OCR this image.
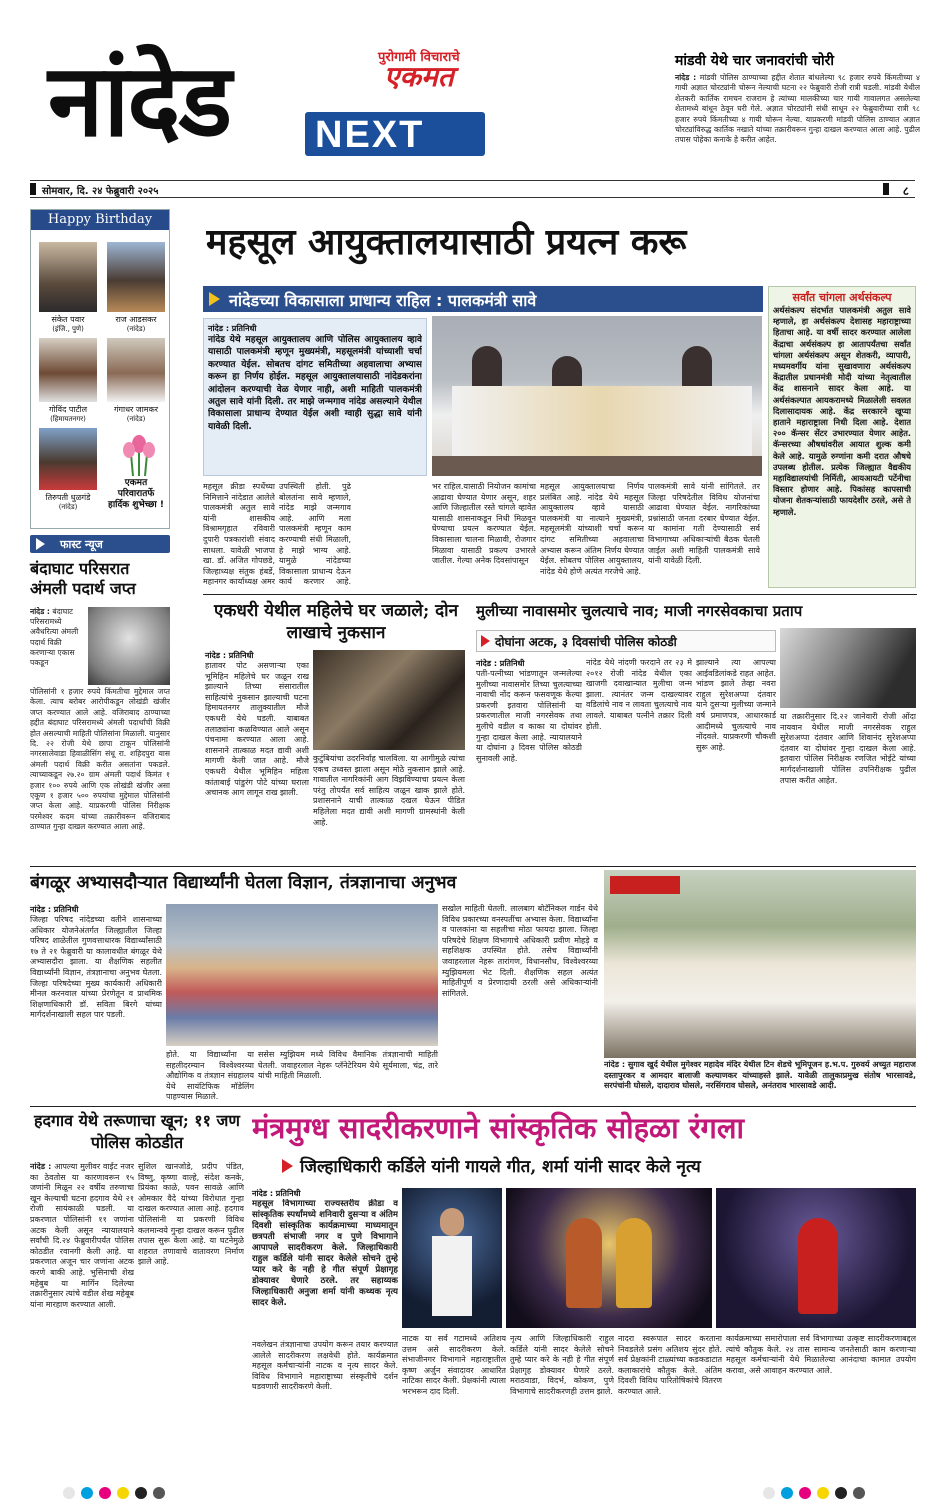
नांदेड	पुरोगामी विचाराचे
एकमत
NEXT
मांडवी येथे चार जनावरांची चोरी
नांदेड : मांडवी पोलिस ठाण्याच्या हद्दीत शेतात बांधलेल्या ९८ हजार रुपये किंमतीच्या ४ गायी अज्ञात चोरट्यांनी चोरून नेल्याची घटना २२ फेब्रुवारी रोजी रात्री घडली. मांडवी येथील शेतकरी कार्तिक रामचन राजराम हे त्यांच्या मालकीच्या चार गायी गावालगत असलेल्या शेतामध्ये बांधून ठेवून घरी गेले. अज्ञात चोरट्यांनी संधी साधून २२ फेब्रुवारीच्या रात्री ९८ हजार रुपये किंमतीच्या ४ गायी चोरून नेल्या. याप्रकरणी मांडवी पोलिस ठाण्यात अज्ञात चोरट्यांविरुद्ध कार्तिक नखाते यांच्या तक्रारीवरून गुन्हा दाखल करण्यात आला आहे. पुढील तपास पोहेका कनाके हे करीत आहेत.
सोमवार, दि. २४ फेब्रुवारी २०२५	८
Happy Birthday
संकेत पवार
(इंजि., पुणे)
राज आडसकर
(नांदेड)
गोविंद पाटील
(हिमायतनगर)
गंगाधर जामकर
(नांदेड)
तिरुपती धुळगंडे
(नांदेड)
एकमत
परिवारातर्फे
हार्दिक शुभेच्छा !
फास्ट न्यूज
बंदाघाट परिसरात अंमली पदार्थ जप्त
नांदेड : बंदाघाट परिसरामध्ये अवैधरित्या अंमली पदार्थ विक्री करणाऱ्या एकास पकडून
पोलिसांनी १ हजार रुपये किंमतीचा मुद्देमाल जप्त केला. त्याच बरोबर आरोपीकडून लोखंडी खंजीर जप्त करण्यात आले आहे. वजिराबाद ठाण्याच्या हद्दीत बंदाघाट परिसरामध्ये अंमली पदार्थांची विक्री होत असल्याची माहिती पोलिसांना मिळाली. यानुसार दि. २२ रोजी येथे छापा टाकून पोलिसांनी नगरसालेवाडा हिवाळीसिंग संधू रा. शहिदपुरा यास अंमली पदार्थ विक्री करीत असतांना पकडले. त्याच्याकडून २७.२० ग्राम अंमली पदार्थ किमंत १ हजार १०० रुपये आणि एक लोखंडी खंजीर असा एकूण १ हजार ५०० रुपयांचा मुद्देमाल पोलिसांनी जप्त केला आहे. याप्रकरणी पोलिस निरीक्षक परमेश्वर कदम यांच्या तक्रारीवरून वजिराबाद ठाण्यात गुन्हा दाखल करण्यात आला आहे.
महसूल आयुक्तालयासाठी प्रयत्न करू
नांदेडच्या विकासाला प्राधान्य राहिल : पालकमंत्री सावे
नांदेड : प्रतिनिधी
नांदेड येथे महसूल आयुक्तालय आणि पोलिस आयुक्तालय व्हावे यासाठी पालकमंत्री म्हणून मुख्यमंत्री, महसूलमंत्री यांच्याशी चर्चा करण्यात येईल. सोबतच दांगट समितीच्या अहवालाचा अभ्यास करून हा निर्णय होईल. महसूल आयुक्तालयासाठी नांदेडकरांना आंदोलन करण्याची वेळ येणार नाही, अशी माहिती पालकमंत्री अतुल सावे यांनी दिली. तर माझे जन्मगाव नांदेड असल्याने येथील विकासाला प्राधान्य देण्यात येईल अशी ग्वाही सुद्धा सावे यांनी यावेळी दिली.
महसूल क्रीडा स्पर्धेच्या निमित्ताने नांदेडात आलेले पालकमंत्री अतुल सावे यांनी शासकीय विश्रामगृहात रविवारी दुपारी पत्रकारांशी संवाद साधला. यावेळी भाजपा खा. डॉ. अजित गोपछडे, जिल्हाध्यक्ष संतुक हंबर्डे, महानगर कार्याध्यक्ष अमर
उपस्थिती होती. पुढे बोलतांना सावे म्हणाले, नांदेड माझे जन्मगाव आहे. आणि मला पालकमंत्री म्हणून काम करण्याची संधी मिळाली, हे माझे भाग्य आहे. यामुळे नांदेडच्या विकासाला प्राधान्य देऊन कार्य करणार आहे.
भर राहिल.यासाठी नियोजन कामांचा आढावा घेण्यात येणार असून, शहर आणि जिल्हातील रस्ते चांगले व्हावेत यासाठी शासनाकडून निधी मिळवून घेण्याचा प्रयत्न करण्यात येईल. विकासाला चालना मिळावी, रोजगार मिळावा यासाठी प्रकल्प उभारले जातील. गेल्या अनेक दिवसांपासून
महसूल आयुक्तालयाचा निर्णय प्रलंबित आहे. नांदेड येथे महसूल आयुक्तालय व्हावे यासाठी पालकमंत्री या नात्याने मुख्यमंत्री, महसूलमंत्री यांच्याशी चर्चा करून दांगट समितीच्या अहवालाचा अभ्यास करून अंतिम निर्णय घेण्यात येईल. सोबतच पोलिस आयुक्तालय, नांदेड येथे होणे अत्यंत गरजेचे आहे.
पालकमंत्री सावे यांनी सांगितले. तर जिल्हा परिषदेतील विविध योजनांचा आढावा घेण्यात येईल. नागरिकांच्या प्रश्नांसाठी जनता दरबार घेण्यात येईल. या कामांना गती देण्यासाठी सर्व विभागाच्या अधिकाऱ्यांची बैठक घेतली जाईल अशी माहिती पालकमंत्री सावे यांनी यावेळी दिली.
सर्वांत चांगला अर्थसंकल्प
अर्थसंकल्प संदर्भात पालकमंत्री अतुल सावे म्हणाले, हा अर्थसंकल्प देशासह महाराष्ट्राच्या हिताचा आहे. या वर्षी सादर करण्यात आलेला केंद्राचा अर्थसंकल्प हा आतापर्यंतचा सर्वांत चांगला अर्थसंकल्प असून शेतकरी, व्यापारी, मध्यमवर्गीय यांना सुखावणारा अर्थसंकल्प केंद्रातील प्रधानमंत्री मोदी यांच्या नेतृत्वातील केंद्र शासनाने सादर केला आहे. या अर्थसंकल्पात आयकरामध्ये मिळालेली सवलत दिलासादायक आहे. केंद्र सरकारने खूप्या हाताने महाराष्ट्राला निधी दिला आहे. देशात २०० कॅन्सर सेंटर उभारण्यात येणार आहेत. कॅन्सरच्या औषधांवरील आयात शुल्क कमी केले आहे. यामुळे रुग्णांना कमी दरात औषधे उपलब्ध होतील. प्रत्येक जिल्ह्यात वैद्यकीय महाविद्यालयांची निर्मिती, आयआयटी पटेंनीचा विस्तार होणार आहे. पिकांसह कापसाची योजना शेतकऱ्यांसाठी फायदेशीर ठरले, असे ते म्हणाले.
एकधरी येथील महिलेचे घर जळाले; दोन लाखाचे नुकसान
नांदेड : प्रतिनिधी
हातावर पोट असणाऱ्या एका भूमिहिन महिलेचे घर जळून राख झाल्याने तिच्या संसारातील साहित्यांचे नुकसान झाल्याची घटना हिमायतनगर तालुक्यातील मौजे एकधरी येथे घडली. याबाबत तलाठ्यांना कळविण्यात आले असून पंचनामा करण्यात आला आहे. शासनाने तात्काळ मदत द्यावी अशी मागणी केली जात आहे. मौजे एकधरी येथील भूमिहिन महिला कांताबाई पांडुरंग पोटे यांच्या घराला अचानक आग लागून राख झाली.
कुटुंबियांचा उदरनिर्वाह चालविला. या आगीमुळे त्यांचा एकच उध्वस्त झाला असून मोठे नुकसान झाले आहे. गावातील नागरिकांनी आग विझविण्याचा प्रयत्न केला परंतु तोपर्यंत सर्व साहित्य जळून खाक झाले होते. प्रशासनाने याची तात्काळ दखल घेऊन पीडित महिलेला मदत द्यावी अशी मागणी ग्रामस्थांनी केली आहे.
मुलीच्या नावासमोर चुलत्याचे नाव; माजी नगरसेवकाचा प्रताप
दोघांना अटक, ३ दिवसांची पोलिस कोठडी
नांदेड : प्रतिनिधी
पती-पत्नीच्या भांडणातून जन्मलेल्या मुलीच्या नावासमोर तिच्या चुलत्याच्या नावाची नोंद करून फसवणूक केल्या प्रकरणी इतवारा पोलिसांनी या प्रकरणातील माजी नगरसेवक तथा मुलीचे वडील व काका या दोघांवर गुन्हा दाखल केला आहे. न्यायालयाने या दोघांना ३ दिवस पोलिस कोठडी सुनावली आहे.
नांदेड येथे नांदणी फरदाने तर २३ मे २०१२ रोजी नांदेड येथील एका खाजगी दवाखान्यात मुलीचा जन्म झाला. त्यानंतर जन्म दाखल्यावर वडिलांचे नाव न लावता चुलत्याचे नाव लावले. याबाबत पत्नीने तक्रार दिली होती.
झाल्याने त्या आपल्या आईवडिलांकडे राहत आहेत. भांडण झाले तेव्हा नवरा राहुल सुरेशअप्पा दंतवार याने दुसऱ्या मुलीच्या जन्माने वर्ष प्रमाणपत्र, आधारकार्ड आदीमध्ये चुलत्याचे नाव नोंदवले. याप्रकरणी चौकशी सुरू आहे.
या तक्रारीनुसार दि.२२ जानेवारी रोजी ओंदा नायवान येथील माजी नगरसेवक राहुल सुरेशअप्पा दंतवार आणि शिवानंद सुरेशअप्पा दंतवार या दोघांवर गुन्हा दाखल केला आहे. इतवारा पोलिस निरीक्षक रणजित भोईटे यांच्या मार्गदर्शनाखाली पोलिस उपनिरीक्षक पुढील तपास करीत आहेत.
बंगळूर अभ्यासदौऱ्यात विद्यार्थ्यांनी घेतला विज्ञान, तंत्रज्ञानाचा अनुभव
नांदेड : प्रतिनिधी
जिल्हा परिषद नांदेडच्या वतीने शासनाच्या अधिकार योजनेअंतर्गत जिल्ह्यातील जिल्हा परिषद शाळेतील गुणवत्ताधारक विद्यार्थ्यांसाठी १७ ते २१ फेब्रुवारी या कालावधीत बंगळूर येथे अभ्यासदौरा झाला. या शैक्षणिक सहलीत विद्यार्थ्यांनी विज्ञान, तंत्रज्ञानाचा अनुभव घेतला. जिल्हा परिषदेच्या मुख्य कार्यकारी अधिकारी मीनल करनवाल यांच्या प्रेरणेतून व प्राथमिक शिक्षणाधिकारी डॉ. सविता बिरगे यांच्या मार्गदर्शनाखाली सहल पार पडली.
होते. या विद्यार्थ्यांना या सहलीदरम्यान विश्वेश्वरय्या औद्योगिक व तंत्रज्ञान संग्रहालय येथे सायंटिफिक मॉडेलिंग पाहण्यास मिळाले.
ससेस म्युझियम मध्ये विविध वैमानिक तंत्रज्ञानाची माहिती घेतली. जवाहरलाल नेहरू प्लॅनेटेरियम येथे सूर्यमाला, चंद्र, तारे यांची माहिती मिळाली.
सखोल माहिती घेतली. लालबाग बोटॅनिकल गार्डन येथे विविध प्रकारच्या वनस्पतींचा अभ्यास केला. विद्यार्थ्यांना व पालकांना या सहलीचा मोठा फायदा झाला. जिल्हा परिषदेचे शिक्षण विभागाचे अधिकारी प्रवीण मोहड़े व सहशिक्षक उपस्थित होते. तसेच विद्यार्थ्यांनी जवाहरलाल नेहरू तारांगण, विधानसौध, विश्वेश्वरय्या म्युझियमला भेट दिली. शैक्षणिक सहल अत्यंत माहितीपूर्ण व प्रेरणादायी ठरली असे अधिकाऱ्यांनी सांगितले.
नांदेड : सुगाव खुर्द येथील मुगेश्वर महादेव मंदिर येथील टिन शेडचे भूमिपूजन ह.भ.प. गुरुवर्य अच्युत महाराज दस्तापुरकर व आमदार बालाजी कल्याणकर यांच्याहस्ते झाले. यावेळी तालुकाप्रमुख संतोष भारसावडे, सरपंचांनी घोसले, दादाराव घोसले, नरसिंगराव घोसले, अनंतराव भारसावडे आदी.
हदगाव येथे तरूणाचा खून; ११ जण पोलिस कोठडीत
नांदेड : आपल्या मुलीवर वाईट नजर का ठेवतोस या कारणावरून १५ जणांनी मिळून २२ वर्षीय तरुणाचा खून केल्याची घटना हदगाव येथे २१ रोजी सायंकाळी घडली. या प्रकरणात पोलिसांनी ११ जणांना अटक केली असून न्यायालयाने सर्वांची दि.२४ फेब्रुवारीपर्यंत पोलिस कोठडीत रवानगी केली आहे. या प्रकरणात अजून चार जणांना अटक करणे बाकी आहे. भुसिनाची शेख महेबुब या मार्गिन दिलेल्या तक्रारीनुसार त्यांचे वडील शेख महेबूब यांना मारहाण करण्यात आली.
सुशिल खानजोडे, प्रदीप पंडित, विष्णु, कृष्णा वाल्हे, संदेश कनके, प्रियंका काळे, पवन सावळे आणि ओमकार वैदे यांच्या विरोधात गुन्हा दाखल करण्यात आला आहे. हदगाव पोलिसांनी या प्रकरणी विविध कलमान्वये गुन्हा दाखल करून पुढील तपास सुरू केला आहे. या घटनेमुळे शहरात तणावाचे वातावरण निर्माण झाले आहे.
मंत्रमुग्ध सादरीकरणाने सांस्कृतिक सोहळा रंगला
जिल्हाधिकारी कर्डिले यांनी गायले गीत, शर्मा यांनी सादर केले नृत्य
नांदेड : प्रतिनिधी
महसूल विभागाच्या राज्यस्तरीय क्रीडा व सांस्कृतिक स्पर्धांमध्ये शनिवारी दुसऱ्या व अंतिम दिवशी सांस्कृतिक कार्यक्रमाच्या माध्यमातून छत्रपती संभाजी नगर व पुणे विभागाने आपापले सादरीकरण केले. जिल्हाधिकारी राहुल कर्डिले यांनी सादर केलेले सोचने तुम्हे प्यार करे के नही हे गीत संपूर्ण प्रेक्षागृह डोक्यावर घेणारे ठरले. तर सहाय्यक जिल्हाधिकारी अनुजा शर्मा यांनी कथ्थक नृत्य सादर केले.
नवलेखन तंत्रज्ञानाचा उपयोग करून तयार करण्यात आलेले सादरीकरण लक्षवेधी होते. कार्यक्रमात महसूल कर्मचाऱ्यांनी नाटक व नृत्य सादर केले. विविध विभागाने महाराष्ट्राच्या संस्कृतीचे दर्शन घडवणारी सादरीकरणे केली.
नाटक या सर्व गटामध्ये अतिशय उत्तम असे सादरीकरण केले. संभाजीनगर विभागाने महाराष्ट्रातील कृष्ण अर्जुन संवादावर आधारित नाटिका सादर केली. प्रेक्षकांनी त्याला भरभरून दाद दिली.
नृत्य आणि जिल्हाधिकारी राहुल कर्डिले यांनी सादर केलेले सोचने तुम्हे प्यार करे के नही हे गीत संपूर्ण प्रेक्षागृह डोक्यावर घेणारे ठरले. मराठवाडा, विदर्भ, कोकण, पुणे विभागाचे सादरीकरणही उत्तम झाले.
नादरा स्वरूपात सादर करताना निवडलेले प्रसंग अतिशय सुंदर होते. सर्व प्रेक्षकांनी टाळ्यांच्या कडकडाटात कलाकारांचे कौतुक केले. अंतिम दिवशी विविध पारितोषिकांचे वितरण करण्यात आले.
कार्यक्रमाच्या समारोपाला सर्व विभागाच्या उत्कृष्ट सादरीकरणाबद्दल त्यांचे कौतुक केले. २४ तास सामान्य जनतेसाठी काम करणाऱ्या महसूल कर्मचाऱ्यांनी येथे मिळालेल्या आनंदाचा कामात उपयोग करावा, असे आवाहन करण्यात आले.
